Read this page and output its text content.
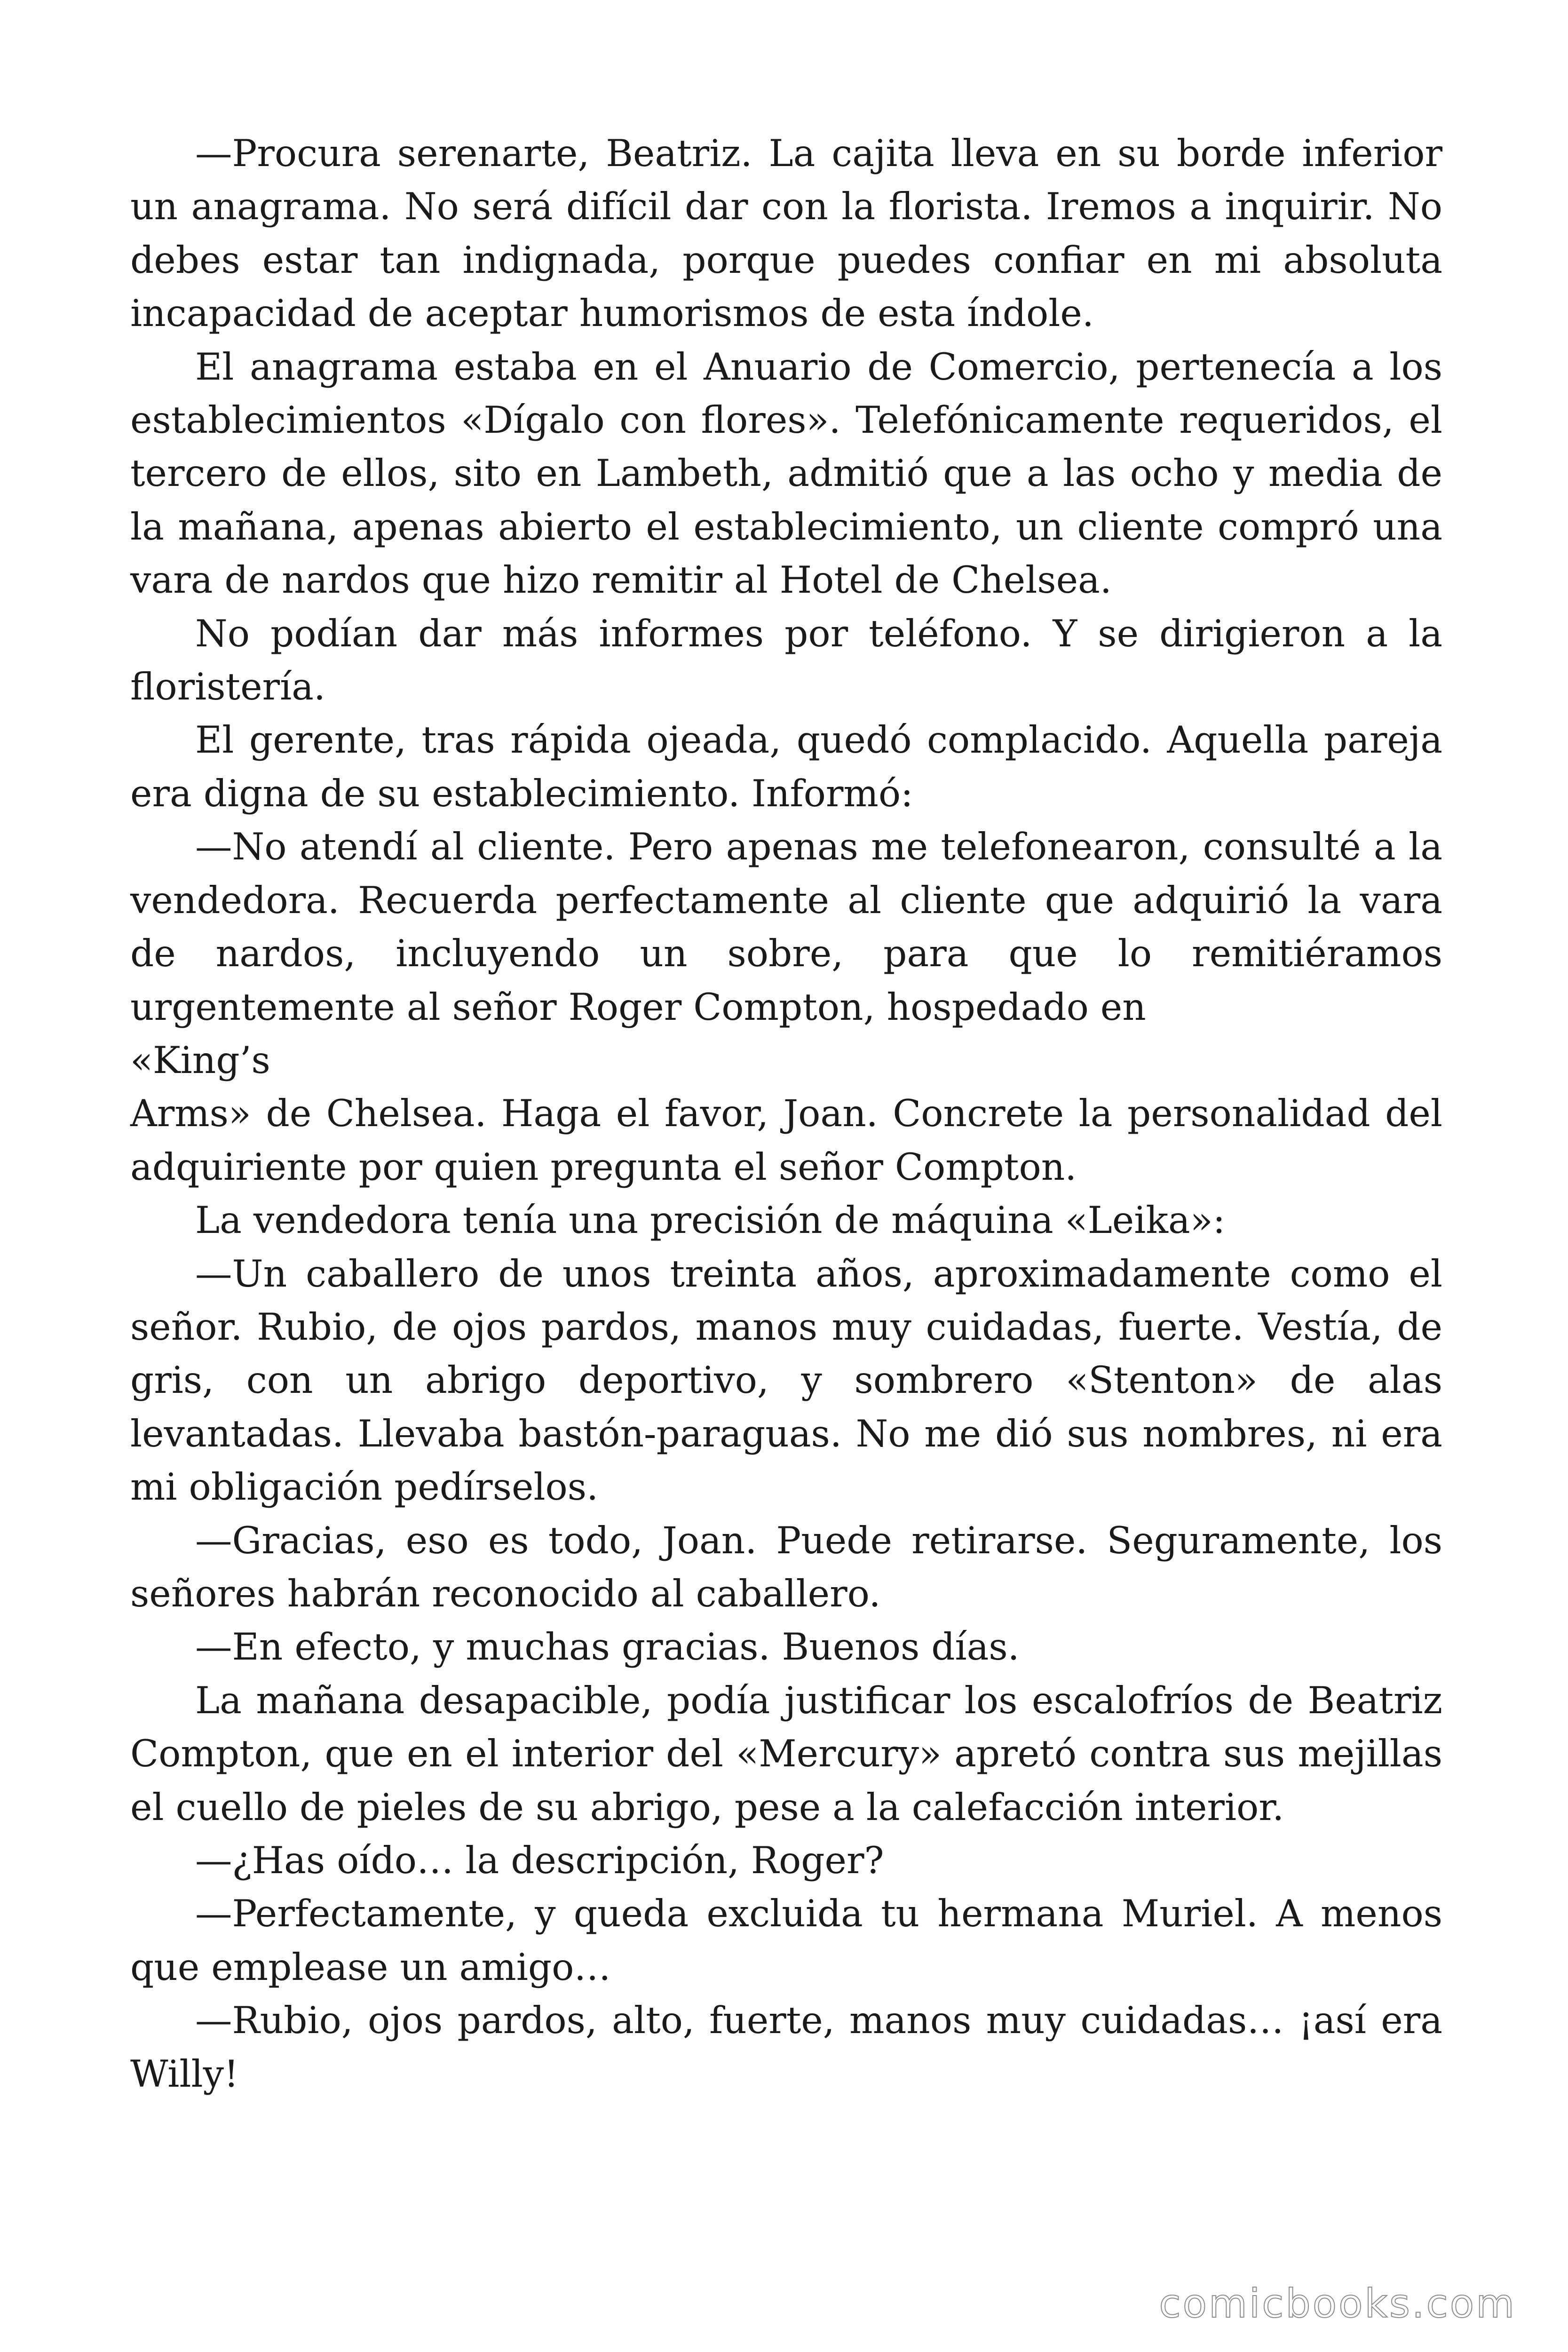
—Procura serenarte, Beatriz. La cajita lleva en su borde inferior un anagrama. No será difícil dar con la florista. Iremos a inquirir. No debes estar tan indignada, porque puedes confiar en mi absoluta incapacidad de aceptar humorismos de esta índole.

El anagrama estaba en el Anuario de Comercio, pertenecía a los establecimientos «Dígalo con flores». Telefónicamente requeridos, el tercero de ellos, sito en Lambeth, admitió que a las ocho y media de la mañana, apenas abierto el establecimiento, un cliente compró una vara de nardos que hizo remitir al Hotel de Chelsea.

No podían dar más informes por teléfono. Y se dirigieron a la floristería.

El gerente, tras rápida ojeada, quedó complacido. Aquella pareja era digna de su establecimiento. Informó:

—No atendí al cliente. Pero apenas me telefonearon, consulté a la vendedora. Recuerda perfectamente al cliente que adquirió la vara de nardos, incluyendo un sobre, para que lo remitiéramos urgentemente al señor Roger Compton, hospedado en

«King’s

Arms» de Chelsea. Haga el favor, Joan. Concrete la personalidad del adquiriente por quien pregunta el señor Compton.

La vendedora tenía una precisión de máquina «Leika»:

—Un caballero de unos treinta años, aproximadamente como el señor. Rubio, de ojos pardos, manos muy cuidadas, fuerte. Vestía, de gris, con un abrigo deportivo, y sombrero «Stenton» de alas levantadas. Llevaba bastón-paraguas. No me dió sus nombres, ni era mi obligación pedírselos.

—Gracias, eso es todo, Joan. Puede retirarse. Seguramente, los señores habrán reconocido al caballero.

—En efecto, y muchas gracias. Buenos días.

La mañana desapacible, podía justificar los escalofríos de Beatriz Compton, que en el interior del «Mercury» apretó contra sus mejillas el cuello de pieles de su abrigo, pese a la calefacción interior.

—¿Has oído… la descripción, Roger?

—Perfectamente, y queda excluida tu hermana Muriel. A menos que emplease un amigo…

—Rubio, ojos pardos, alto, fuerte, manos muy cuidadas… ¡así era Willy!

comicbooks.com
